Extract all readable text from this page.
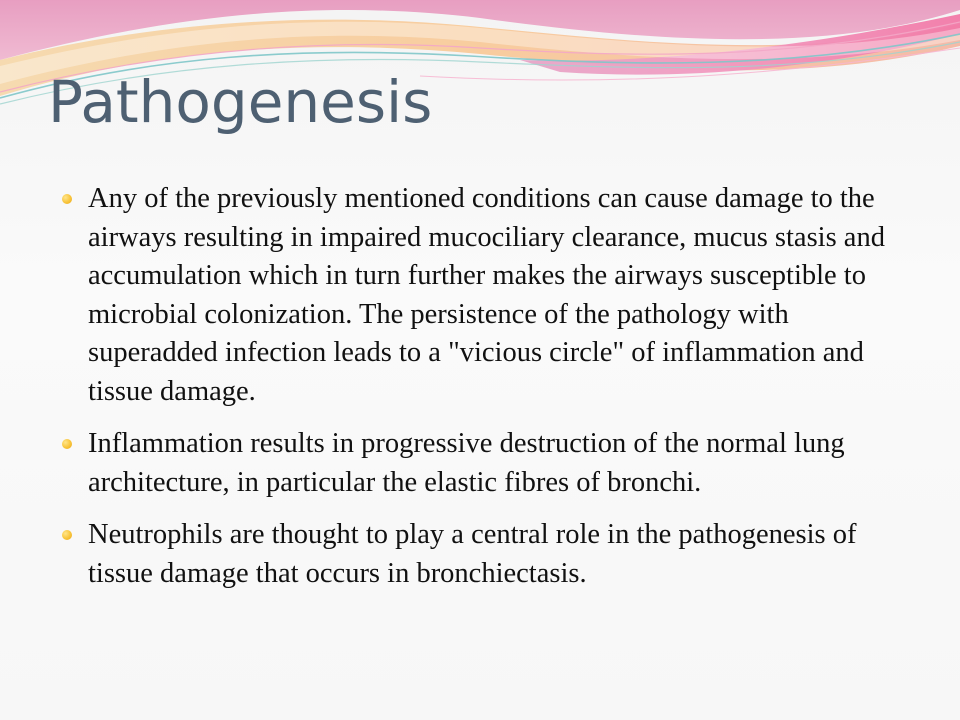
Pathogenesis
Any of the previously mentioned conditions can cause damage to the airways resulting in impaired mucociliary clearance, mucus stasis and accumulation which in turn further makes the airways susceptible to microbial colonization. The persistence of the pathology with superadded infection leads to a "vicious circle" of inflammation and tissue damage.
Inflammation results in progressive destruction of the normal lung architecture, in particular the elastic fibres of bronchi.
Neutrophils are thought to play a central role in the pathogenesis of tissue damage that occurs in bronchiectasis.
